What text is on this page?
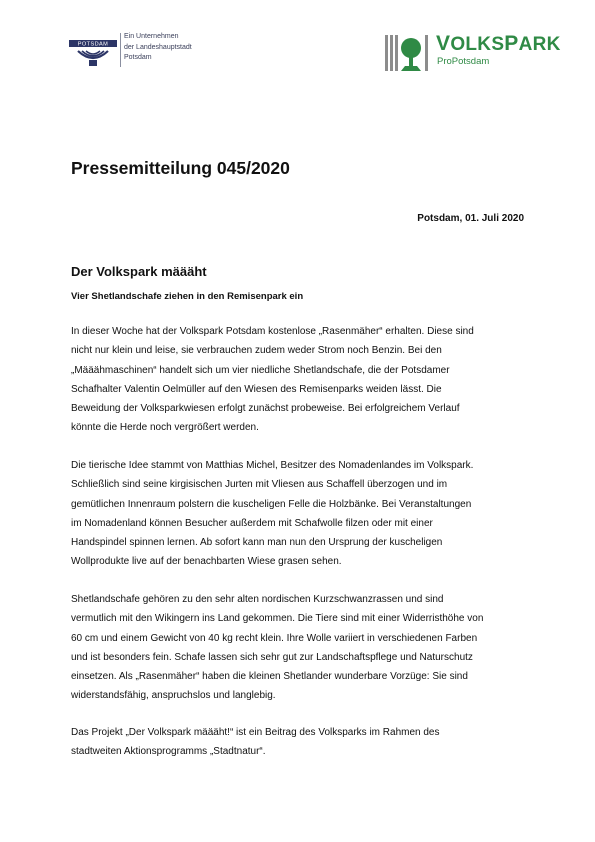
POTSDAM
Ein Unternehmen
der Landeshauptstadt
Potsdam
VOLKSPARK
ProPotsdam
Pressemitteilung 045/2020
Potsdam, 01. Juli 2020
Der Volkspark määäht
Vier Shetlandschafe ziehen in den Remisenpark ein
In dieser Woche hat der Volkspark Potsdam kostenlose „Rasenmäher“ erhalten. Diese sind
nicht nur klein und leise, sie verbrauchen zudem weder Strom noch Benzin. Bei den
„Määähmaschinen“ handelt sich um vier niedliche Shetlandschafe, die der Potsdamer
Schafhalter Valentin Oelmüller auf den Wiesen des Remisenparks weiden lässt. Die
Beweidung der Volksparkwiesen erfolgt zunächst probeweise. Bei erfolgreichem Verlauf
könnte die Herde noch vergrößert werden.
Die tierische Idee stammt von Matthias Michel, Besitzer des Nomadenlandes im Volkspark.
Schließlich sind seine kirgisischen Jurten mit Vliesen aus Schaffell überzogen und im
gemütlichen Innenraum polstern die kuscheligen Felle die Holzbänke. Bei Veranstaltungen
im Nomadenland können Besucher außerdem mit Schafwolle filzen oder mit einer
Handspindel spinnen lernen. Ab sofort kann man nun den Ursprung der kuscheligen
Wollprodukte live auf der benachbarten Wiese grasen sehen.
Shetlandschafe gehören zu den sehr alten nordischen Kurzschwanzrassen und sind
vermutlich mit den Wikingern ins Land gekommen. Die Tiere sind mit einer Widerristhöhe von
60 cm und einem Gewicht von 40 kg recht klein. Ihre Wolle variiert in verschiedenen Farben
und ist besonders fein. Schafe lassen sich sehr gut zur Landschaftspflege und Naturschutz
einsetzen. Als „Rasenmäher“ haben die kleinen Shetlander wunderbare Vorzüge: Sie sind
widerstandsfähig, anspruchslos und langlebig.
Das Projekt „Der Volkspark määäht!“ ist ein Beitrag des Volksparks im Rahmen des
stadtweiten Aktionsprogramms „Stadtnatur“.
